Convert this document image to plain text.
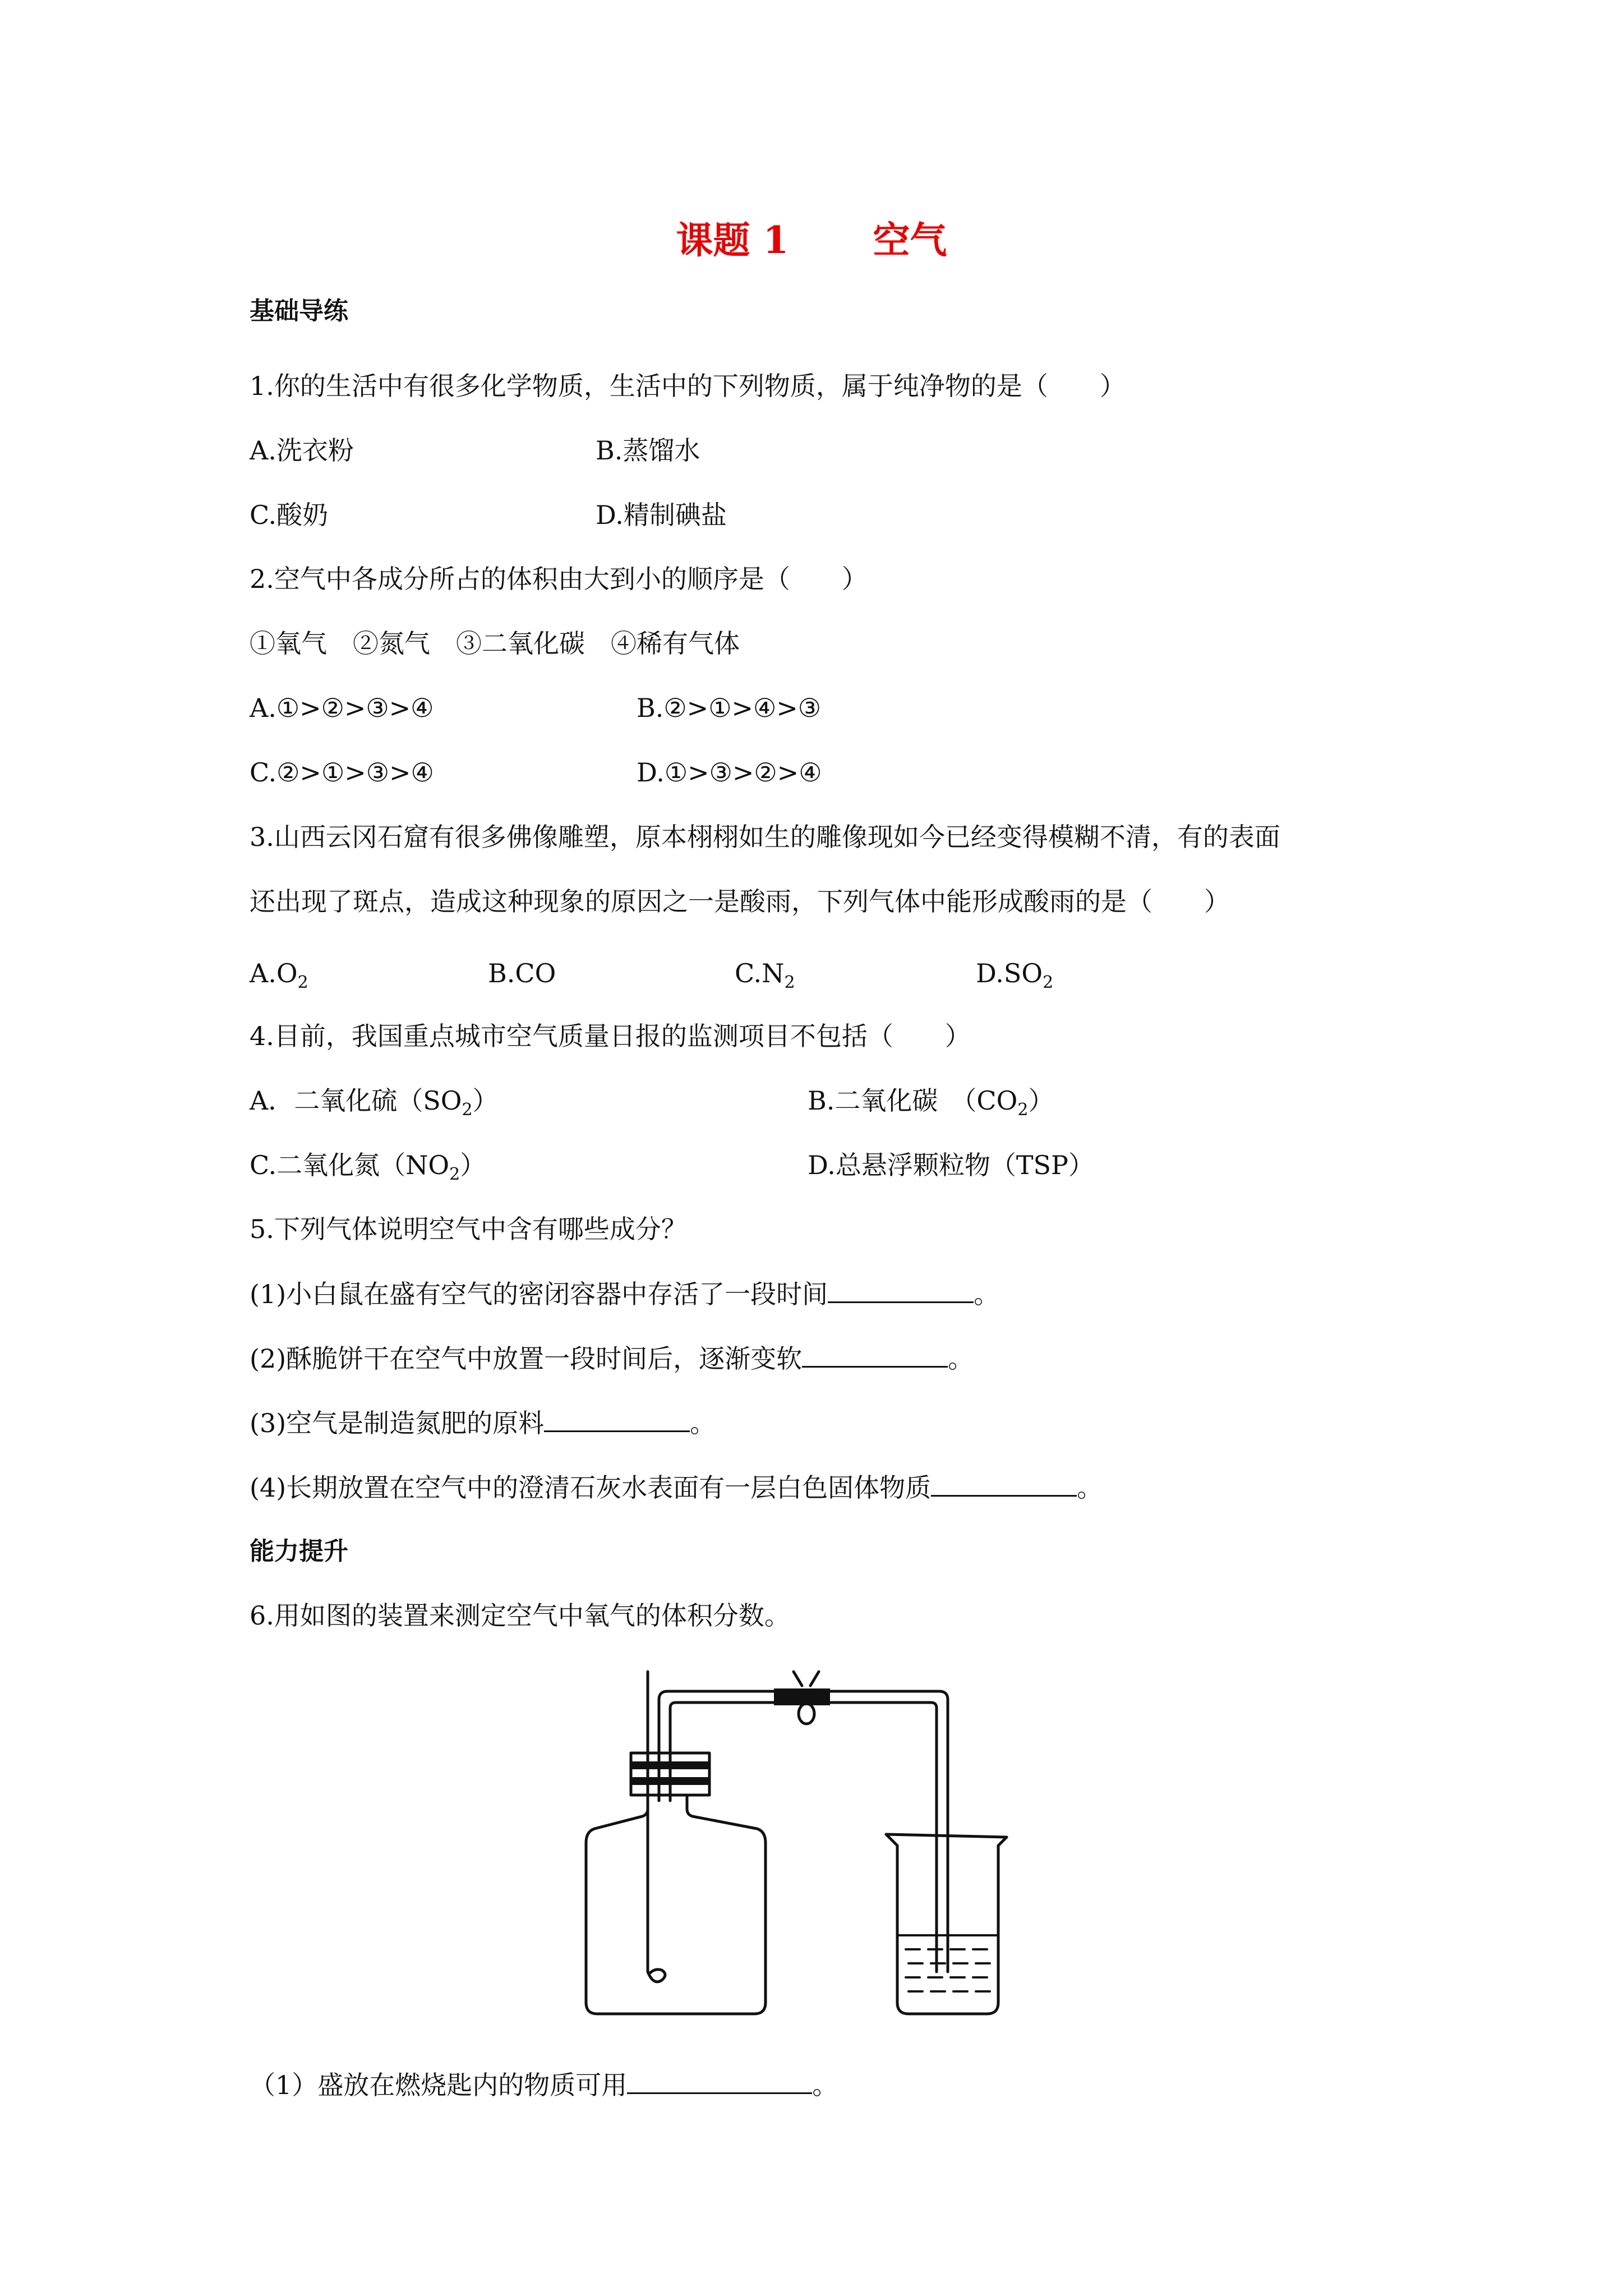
课题 1 空气
基础导练
1.你的生活中有很多化学物质，生活中的下列物质，属于纯净物的是（　　）
A.洗衣粉	B.蒸馏水
C.酸奶	D.精制碘盐
2.空气中各成分所占的体积由大到小的顺序是（　　）
①氧气　②氮气　③二氧化碳　④稀有气体
A.①>②>③>④	B.②>①>④>③
C.②>①>③>④	D.①>③>②>④
3.山西云冈石窟有很多佛像雕塑，原本栩栩如生的雕像现如今已经变得模糊不清，有的表面
还出现了斑点，造成这种现象的原因之一是酸雨，下列气体中能形成酸雨的是（　　）
$A.O_2$	B.CO	$C.N_2$	$D.SO_2$
4.目前，我国重点城市空气质量日报的监测项目不包括（　　）
A．二氧化硫$(SO_2)$	B.二氧化碳　$(CO_2)$
C.二氧化氮$(NO_2)$	D.总悬浮颗粒物（TSP）
5.下列气体说明空气中含有哪些成分？
(1)小白鼠在盛有空气的密闭容器中存活了一段时间	。
(2)酥脆饼干在空气中放置一段时间后，逐渐变软	。
(3)空气是制造氮肥的原料	。
(4)长期放置在空气中的澄清石灰水表面有一层白色固体物质	。
能力提升
6.用如图的装置来测定空气中氧气的体积分数。
（1）盛放在燃烧匙内的物质可用	。
